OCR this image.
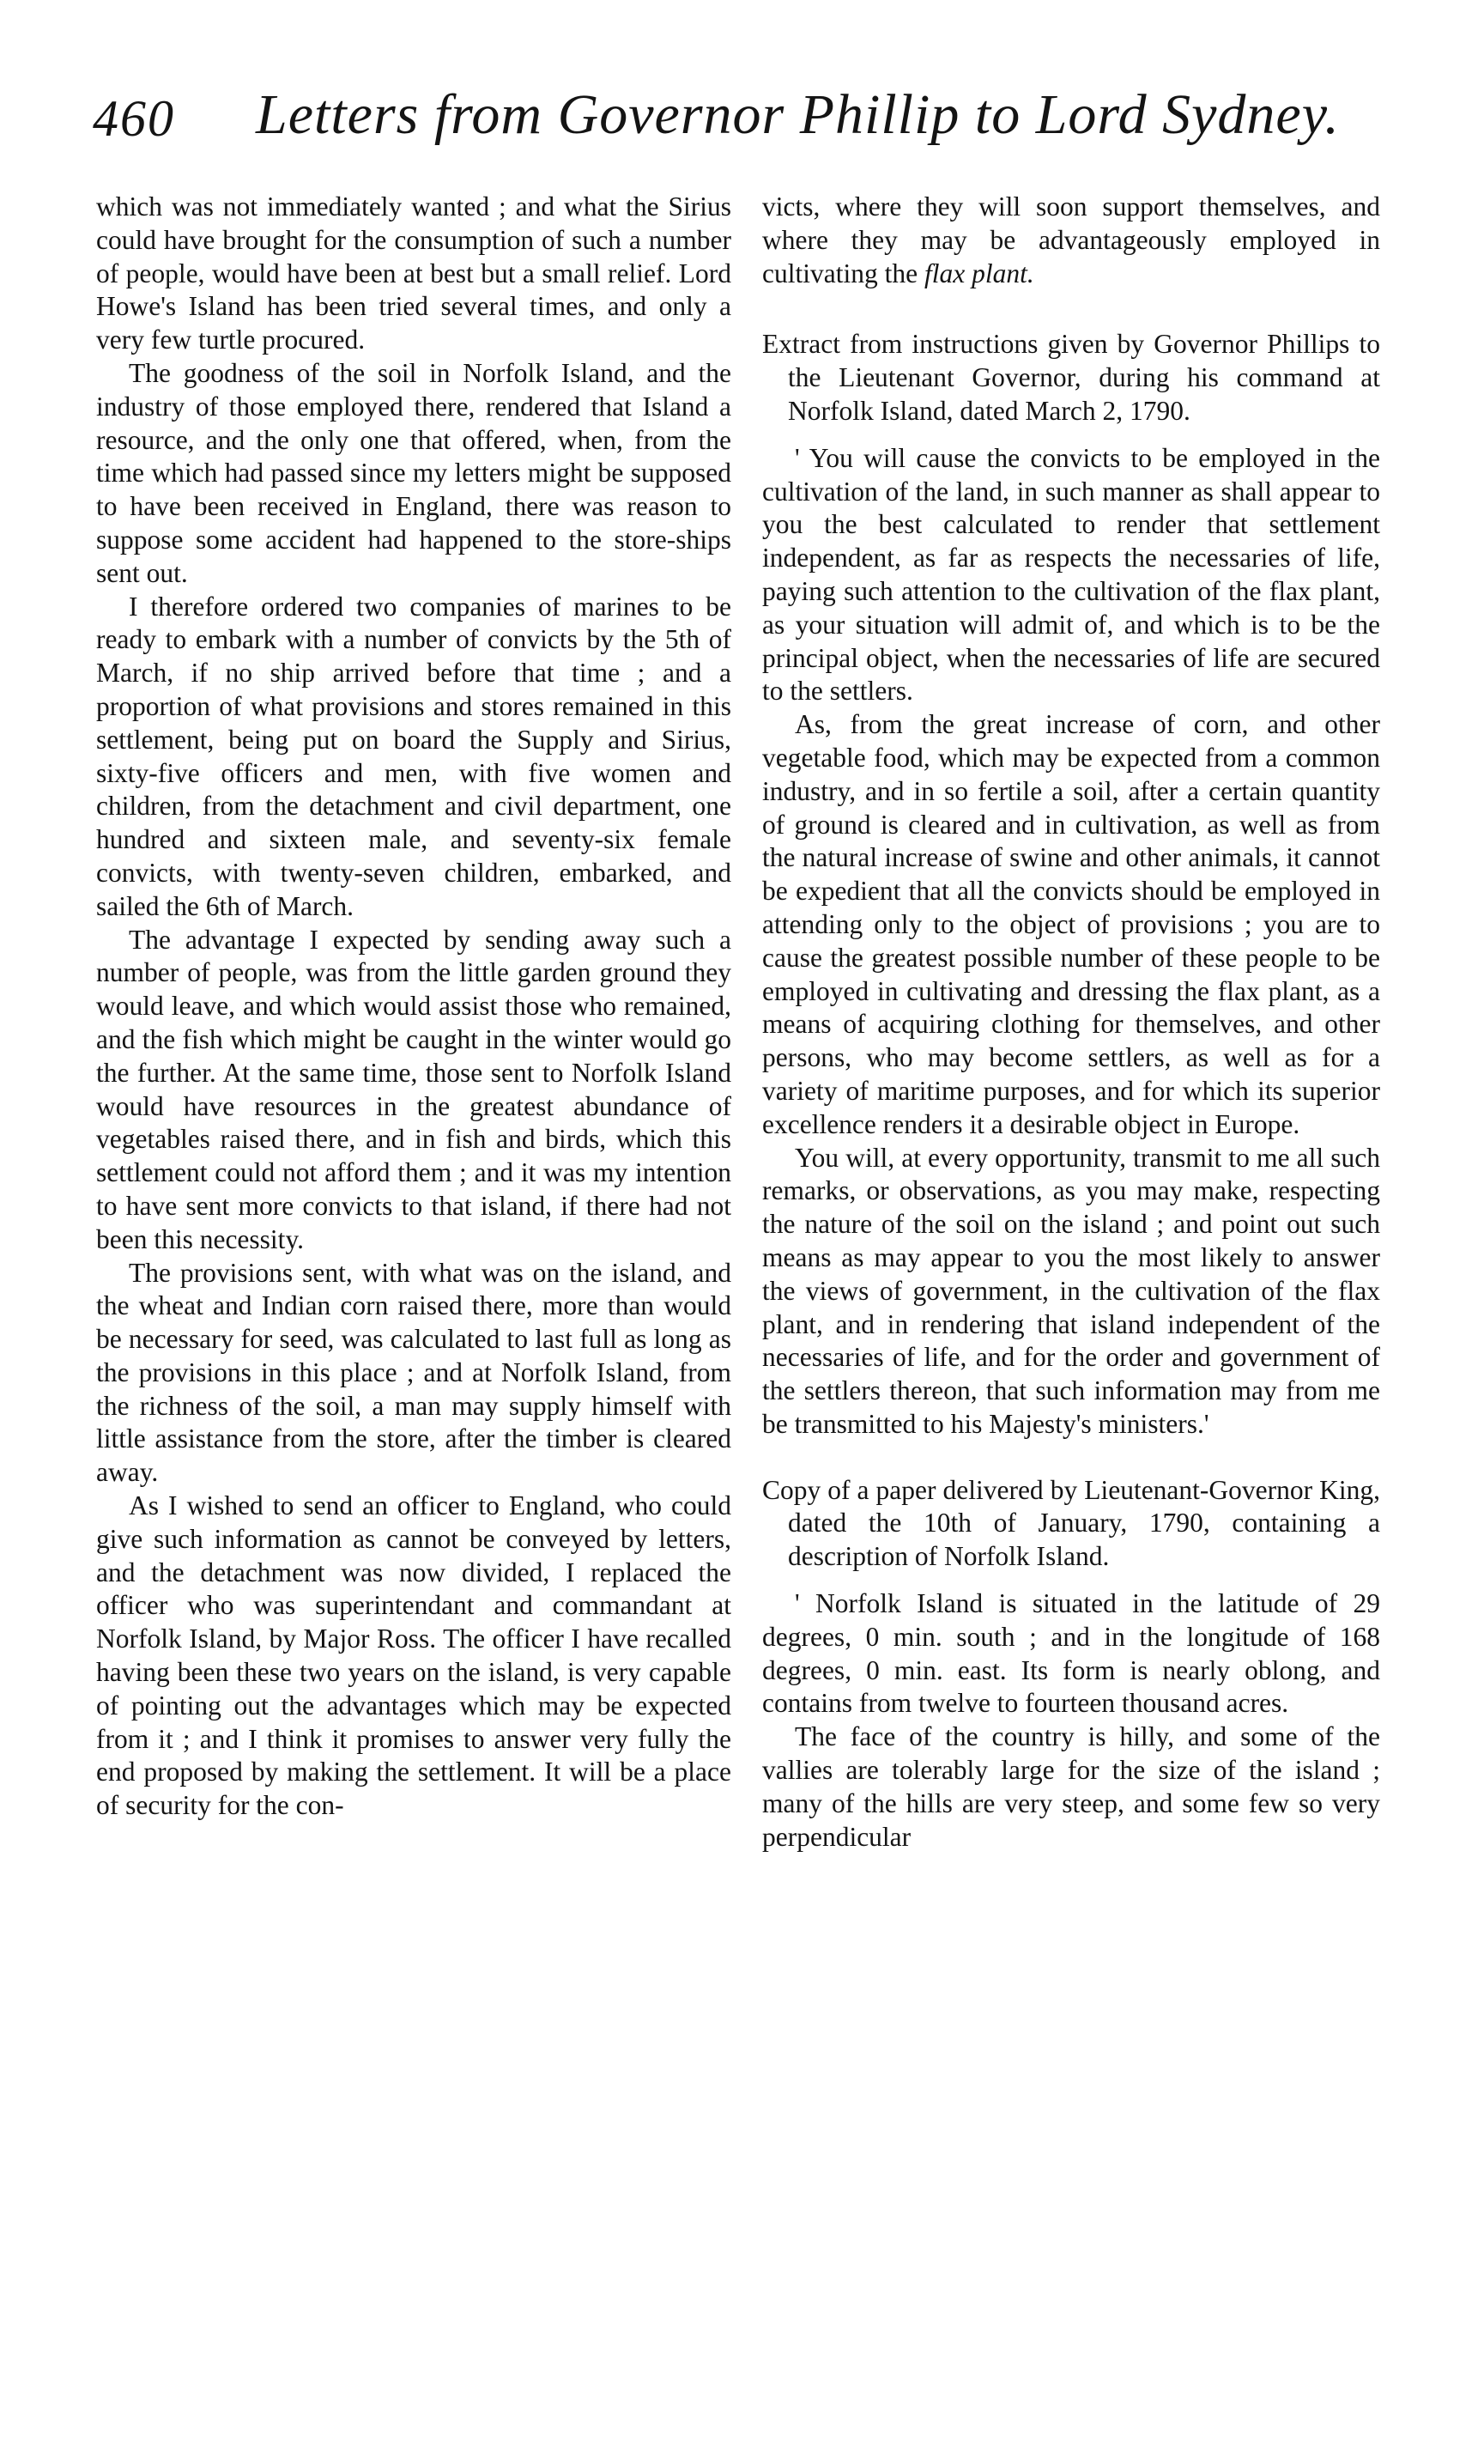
460 Letters from Governor Phillip to Lord Sydney.

which was not immediately wanted ; and what the Sirius could have brought for the consumption of such a number of people, would have been at best but a small relief. Lord Howe's Island has been tried several times, and only a very few turtle procured.

The goodness of the soil in Norfolk Island, and the industry of those employed there, rendered that Island a resource, and the only one that offered, when, from the time which had passed since my letters might be supposed to have been received in England, there was reason to suppose some accident had happened to the store-ships sent out.

I therefore ordered two companies of marines to be ready to embark with a number of convicts by the 5th of March, if no ship arrived before that time ; and a proportion of what provisions and stores remained in this settlement, being put on board the Supply and Sirius, sixty-five officers and men, with five women and children, from the detachment and civil department, one hundred and sixteen male, and seventy-six female convicts, with twenty-seven children, embarked, and sailed the 6th of March.

The advantage I expected by sending away such a number of people, was from the little garden ground they would leave, and which would assist those who remained, and the fish which might be caught in the winter would go the further. At the same time, those sent to Norfolk Island would have resources in the greatest abundance of vegetables raised there, and in fish and birds, which this settlement could not afford them ; and it was my intention to have sent more convicts to that island, if there had not been this necessity.

The provisions sent, with what was on the island, and the wheat and Indian corn raised there, more than would be necessary for seed, was calculated to last full as long as the provisions in this place ; and at Norfolk Island, from the richness of the soil, a man may supply himself with little assistance from the store, after the timber is cleared away.

As I wished to send an officer to England, who could give such information as cannot be conveyed by letters, and the detachment was now divided, I replaced the officer who was superintendant and commandant at Norfolk Island, by Major Ross. The officer I have recalled having been these two years on the island, is very capable of pointing out the advantages which may be expected from it ; and I think it promises to answer very fully the end proposed by making the settlement. It will be a place of security for the con-

victs, where they will soon support themselves, and where they may be advantageously employed in cultivating the flax plant.

Extract from instructions given by Governor Phillips to the Lieutenant Governor, during his command at Norfolk Island, dated March 2, 1790.

' You will cause the convicts to be employed in the cultivation of the land, in such manner as shall appear to you the best calculated to render that settlement independent, as far as respects the necessaries of life, paying such attention to the cultivation of the flax plant, as your situation will admit of, and which is to be the principal object, when the necessaries of life are secured to the settlers.

As, from the great increase of corn, and other vegetable food, which may be expected from a common industry, and in so fertile a soil, after a certain quantity of ground is cleared and in cultivation, as well as from the natural increase of swine and other animals, it cannot be expedient that all the convicts should be employed in attending only to the object of provisions ; you are to cause the greatest possible number of these people to be employed in cultivating and dressing the flax plant, as a means of acquiring clothing for themselves, and other persons, who may become settlers, as well as for a variety of maritime purposes, and for which its superior excellence renders it a desirable object in Europe.

You will, at every opportunity, transmit to me all such remarks, or observations, as you may make, respecting the nature of the soil on the island ; and point out such means as may appear to you the most likely to answer the views of government, in the cultivation of the flax plant, and in rendering that island independent of the necessaries of life, and for the order and government of the settlers thereon, that such information may from me be transmitted to his Majesty's ministers.'

Copy of a paper delivered by Lieutenant-Governor King, dated the 10th of January, 1790, containing a description of Norfolk Island.

' Norfolk Island is situated in the latitude of 29 degrees, 0 min. south ; and in the longitude of 168 degrees, 0 min. east. Its form is nearly oblong, and contains from twelve to fourteen thousand acres.

The face of the country is hilly, and some of the vallies are tolerably large for the size of the island ; many of the hills are very steep, and some few so very perpendicular
